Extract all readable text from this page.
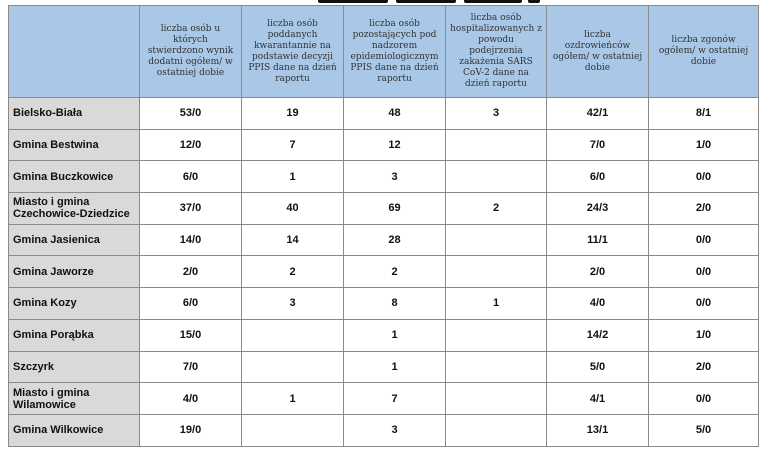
	liczba osób u których stwierdzono wynik dodatni ogółem/ w ostatniej dobie	liczba osób poddanych kwarantannie na podstawie decyzji PPIS dane na dzień raportu	liczba osób pozostających pod nadzorem epidemiologicznym PPIS dane na dzień raportu	liczba osób hospitalizowanych z powodu podejrzenia zakażenia SARS CoV-2 dane na dzień raportu	liczba ozdrowieńców ogółem/ w ostatniej dobie	liczba zgonów ogółem/ w ostatniej dobie
Bielsko-Biała	53/0	19	48	3	42/1	8/1
Gmina Bestwina	12/0	7	12		7/0	1/0
Gmina Buczkowice	6/0	1	3		6/0	0/0
Miasto i gmina Czechowice-Dziedzice	37/0	40	69	2	24/3	2/0
Gmina Jasienica	14/0	14	28		11/1	0/0
Gmina Jaworze	2/0	2	2		2/0	0/0
Gmina Kozy	6/0	3	8	1	4/0	0/0
Gmina Porąbka	15/0		1		14/2	1/0
Szczyrk	7/0		1		5/0	2/0
Miasto i gmina Wilamowice	4/0	1	7		4/1	0/0
Gmina Wilkowice	19/0		3		13/1	5/0
